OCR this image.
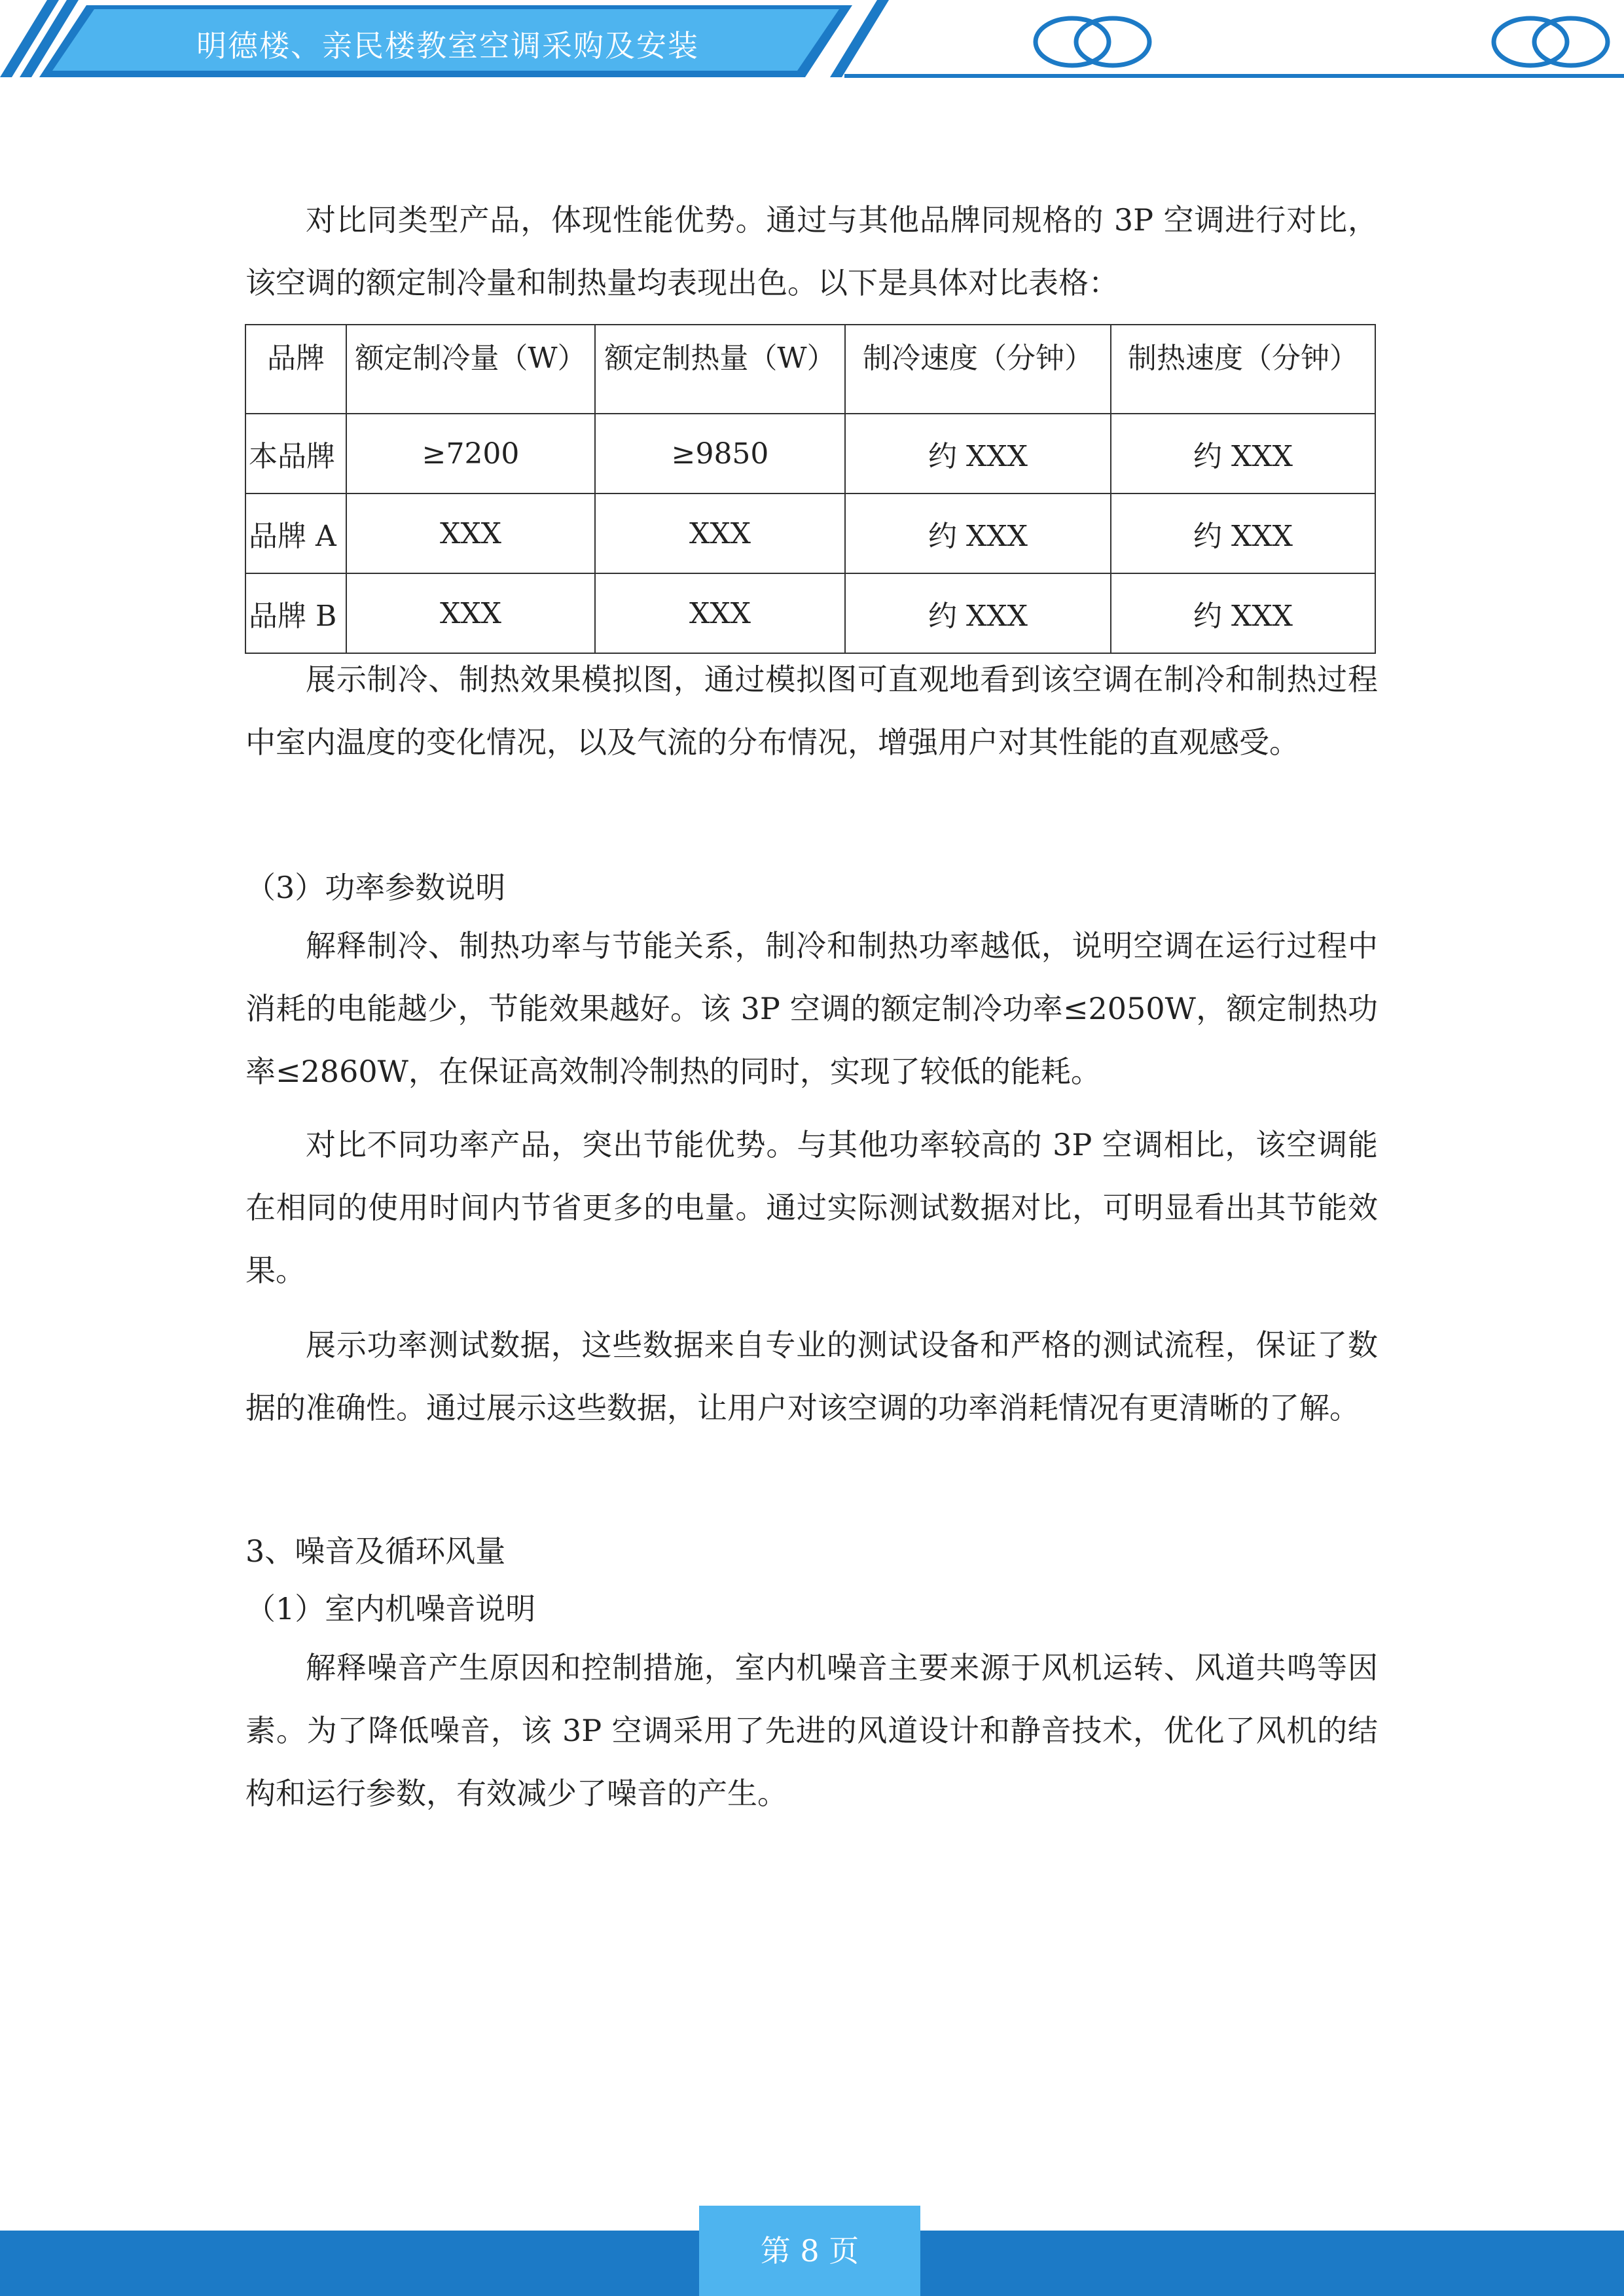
明德楼、亲民楼教室空调采购及安装

对比同类型产品，体现性能优势。通过与其他品牌同规格的 3P 空调进行对比，该空调的额定制冷量和制热量均表现出色。以下是具体对比表格：

品牌	额定制冷量（W）	额定制热量（W）	制冷速度（分钟）	制热速度（分钟）
本品牌	≥7200	≥9850	约 XXX	约 XXX
品牌 A	XXX	XXX	约 XXX	约 XXX
品牌 B	XXX	XXX	约 XXX	约 XXX

展示制冷、制热效果模拟图，通过模拟图可直观地看到该空调在制冷和制热过程中室内温度的变化情况，以及气流的分布情况，增强用户对其性能的直观感受。

（3）功率参数说明

解释制冷、制热功率与节能关系，制冷和制热功率越低，说明空调在运行过程中消耗的电能越少，节能效果越好。该 3P 空调的额定制冷功率≤2050W，额定制热功率≤2860W，在保证高效制冷制热的同时，实现了较低的能耗。

对比不同功率产品，突出节能优势。与其他功率较高的 3P 空调相比，该空调能在相同的使用时间内节省更多的电量。通过实际测试数据对比，可明显看出其节能效果。

展示功率测试数据，这些数据来自专业的测试设备和严格的测试流程，保证了数据的准确性。通过展示这些数据，让用户对该空调的功率消耗情况有更清晰的了解。

3、噪音及循环风量

（1）室内机噪音说明

解释噪音产生原因和控制措施，室内机噪音主要来源于风机运转、风道共鸣等因素。为了降低噪音，该 3P 空调采用了先进的风道设计和静音技术，优化了风机的结构和运行参数，有效减少了噪音的产生。

第 8 页
